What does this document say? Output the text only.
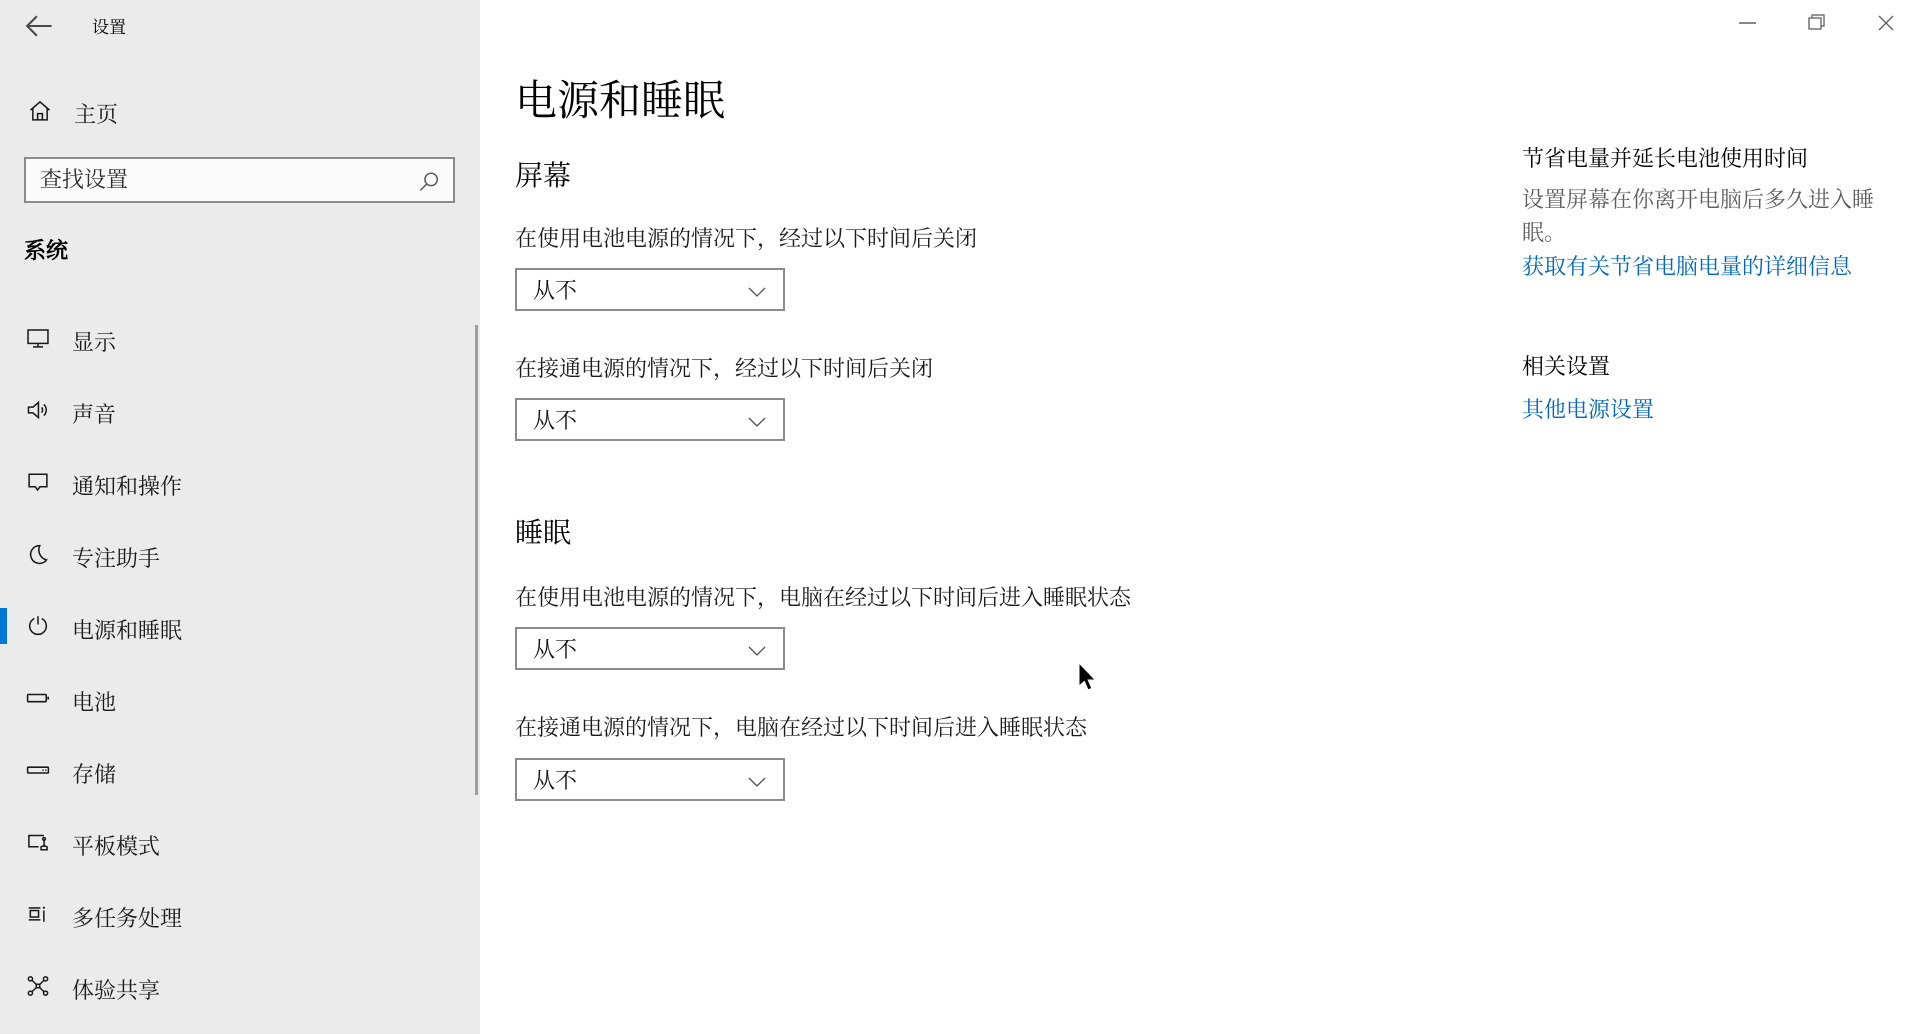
设置
主页
查找设置
系统
显示
声音
通知和操作
专注助手
电源和睡眠
电池
存储
平板模式
多任务处理
体验共享
电源和睡眠
屏幕
在使用电池电源的情况下，经过以下时间后关闭
从不
在接通电源的情况下，经过以下时间后关闭
从不
睡眠
在使用电池电源的情况下，电脑在经过以下时间后进入睡眠状态
从不
在接通电源的情况下，电脑在经过以下时间后进入睡眠状态
从不
节省电量并延长电池使用时间
设置屏幕在你离开电脑后多久进入睡眠。
获取有关节省电脑电量的详细信息
相关设置
其他电源设置
